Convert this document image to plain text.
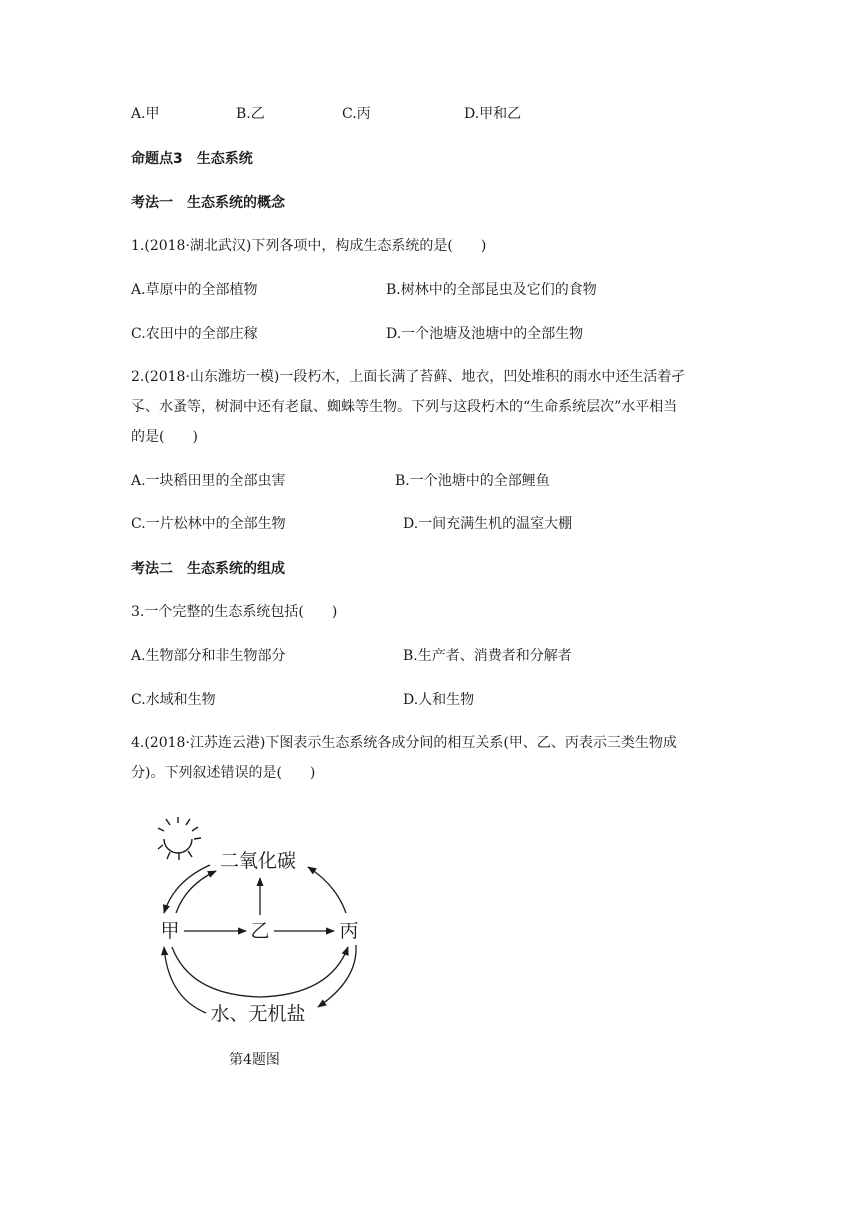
A.甲	B.乙	C.丙	D.甲和乙
命题点3　生态系统
考法一　生态系统的概念
1.(2018·湖北武汉)下列各项中，构成生态系统的是(　　)
A.草原中的全部植物	B.树林中的全部昆虫及它们的食物
C.农田中的全部庄稼	D.一个池塘及池塘中的全部生物
2.(2018·山东潍坊一模)一段朽木，上面长满了苔藓、地衣，凹处堆积的雨水中还生活着孑
孓、水蚤等，树洞中还有老鼠、蜘蛛等生物。下列与这段朽木的“生命系统层次”水平相当
的是(　　)
A.一块稻田里的全部虫害	B.一个池塘中的全部鲤鱼
C.一片松林中的全部生物	D.一间充满生机的温室大棚
考法二　生态系统的组成
3.一个完整的生态系统包括(　　)
A.生物部分和非生物部分	B.生产者、消费者和分解者
C.水域和生物	D.人和生物
4.(2018·江苏连云港)下图表示生态系统各成分间的相互关系(甲、乙、丙表示三类生物成
分)。下列叙述错误的是(　　)
二氧化碳
甲	乙	丙
水、无机盐
第4题图
